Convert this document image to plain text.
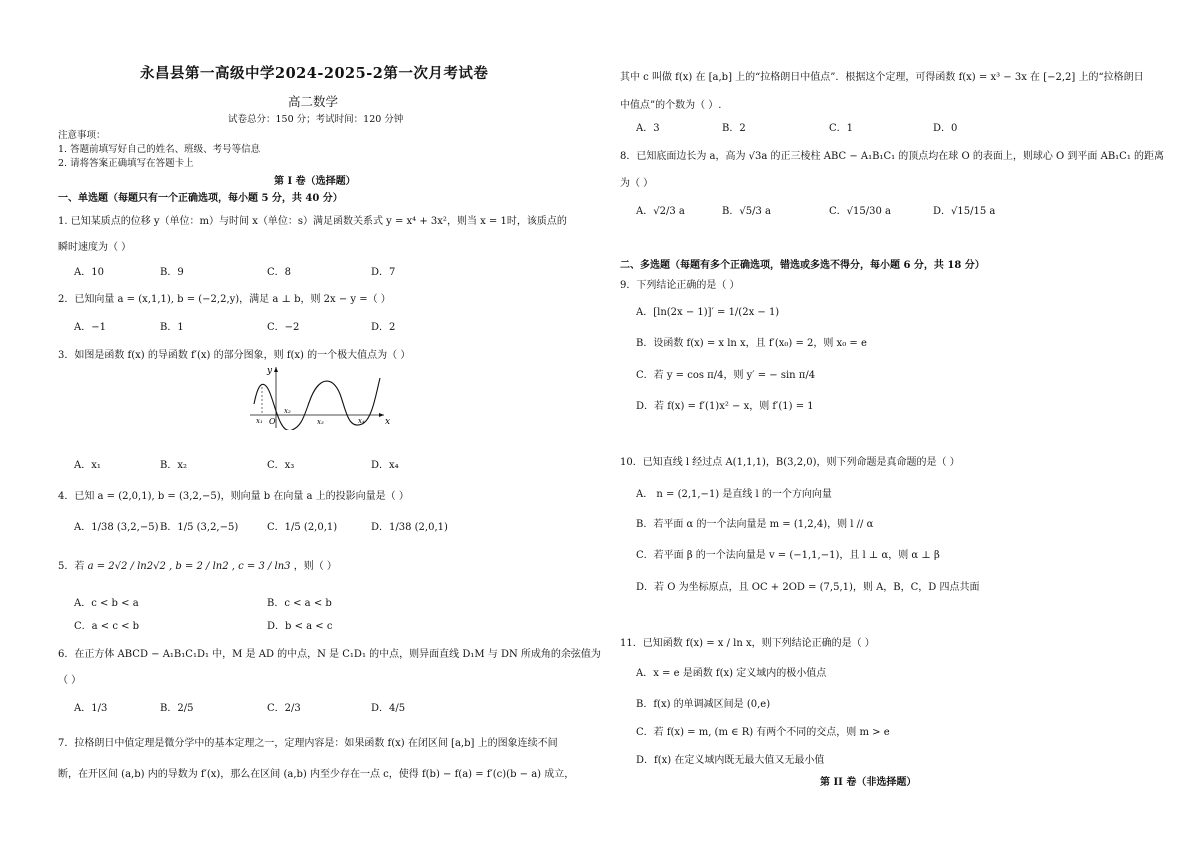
永昌县第一高级中学2024-2025-2第一次月考试卷
高二数学
试卷总分：150 分；考试时间：120 分钟
注意事项：
1. 答题前填写好自己的姓名、班级、考号等信息
2. 请将答案正确填写在答题卡上
第 I 卷（选择题）
一、单选题（每题只有一个正确选项，每小题 5 分，共 40 分）
1. 已知某质点的位移 y（单位：m）与时间 x（单位：s）满足函数关系式 y = x⁴ + 3x²，则当 x = 1时，该质点的
瞬时速度为（ ）
A．10	B．9	C．8	D．7
2．已知向量 a = (x,1,1), b = (−2,2,y)，满足 a ⊥ b，则 2x − y =（ ）
A．−1	B．1	C．−2	D．2
3．如图是函数 f(x) 的导函数 f′(x) 的部分图象，则 f(x) 的一个极大值点为（ ）
y
x
O
x₁
x₂
x₃	x₄
A．x₁	B．x₂	C．x₃	D．x₄
4．已知 a = (2,0,1), b = (3,2,−5)，则向量 b 在向量 a 上的投影向量是（ ）
A．1/38 (3,2,−5) B．1/5 (3,2,−5)	C．1/5 (2,0,1)	D．1/38 (2,0,1)
5．若 a = 2√2 / ln2√2 , b = 2 / ln2 , c = 3 / ln3 ，则（ ）
A．c < b < a	B．c < a < b
C．a < c < b	D．b < a < c
6．在正方体 ABCD − A₁B₁C₁D₁ 中，M 是 AD 的中点，N 是 C₁D₁ 的中点，则异面直线 D₁M 与 DN 所成角的余弦值为
（ ）
A．1/3	B．2/5	C．2/3	D．4/5
7．拉格朗日中值定理是微分学中的基本定理之一，定理内容是：如果函数 f(x) 在闭区间 [a,b] 上的图象连续不间
断，在开区间 (a,b) 内的导数为 f′(x)，那么在区间 (a,b) 内至少存在一点 c，使得 f(b) − f(a) = f′(c)(b − a) 成立，
其中 c 叫做 f(x) 在 [a,b] 上的“拉格朗日中值点”．根据这个定理，可得函数 f(x) = x³ − 3x 在 [−2,2] 上的“拉格朗日
中值点”的个数为（ ）.
A．3	B．2	C．1	D．0
8．已知底面边长为 a，高为 √3a 的正三棱柱 ABC − A₁B₁C₁ 的顶点均在球 O 的表面上，则球心 O 到平面 AB₁C₁ 的距离
为（ ）
A．√2/3 a	B．√5/3 a	C．√15/30 a	D．√15/15 a
二、多选题（每题有多个正确选项，错选或多选不得分，每小题 6 分，共 18 分）
9．下列结论正确的是（ ）
A．[ln(2x − 1)]′ = 1/(2x − 1)
B．设函数 f(x) = x ln x，且 f′(x₀) = 2，则 x₀ = e
C．若 y = cos π/4，则 y′ = − sin π/4
D．若 f(x) = f′(1)x² − x，则 f′(1) = 1
10．已知直线 l 经过点 A(1,1,1)，B(3,2,0)，则下列命题是真命题的是（ ）
A． n = (2,1,−1) 是直线 l 的一个方向向量
B．若平面 α 的一个法向量是 m = (1,2,4)，则 l // α
C．若平面 β 的一个法向量是 v = (−1,1,−1)，且 l ⊥ α，则 α ⊥ β
D．若 O 为坐标原点，且 OC + 2OD = (7,5,1)，则 A，B，C，D 四点共面
11．已知函数 f(x) = x / ln x，则下列结论正确的是（ ）
A．x = e 是函数 f(x) 定义域内的极小值点
B．f(x) 的单调减区间是 (0,e)
C．若 f(x) = m, (m ∈ R) 有两个不同的交点，则 m > e
D．f(x) 在定义域内既无最大值又无最小值
第 II 卷（非选择题）
